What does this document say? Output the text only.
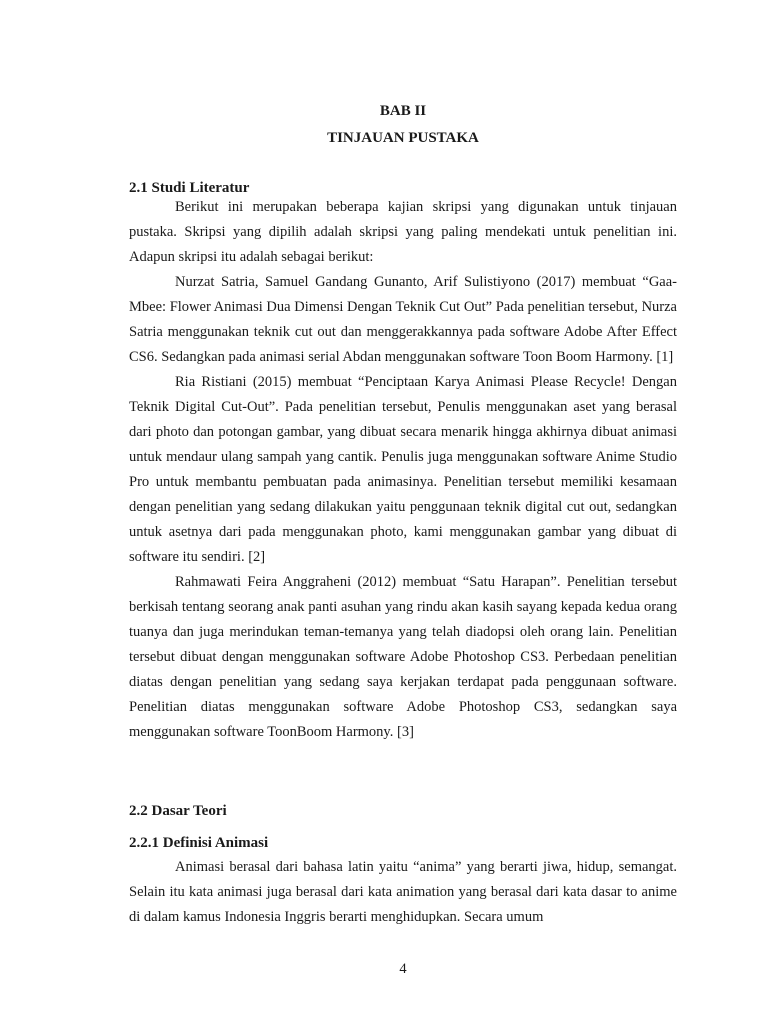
BAB II
TINJAUAN PUSTAKA
2.1 Studi Literatur

Berikut ini merupakan beberapa kajian skripsi yang digunakan untuk tinjauan pustaka. Skripsi yang dipilih adalah skripsi yang paling mendekati untuk penelitian ini. Adapun skripsi itu adalah sebagai berikut:

Nurzat Satria, Samuel Gandang Gunanto, Arif Sulistiyono (2017) membuat “Gaa-Mbee: Flower Animasi Dua Dimensi Dengan Teknik Cut Out” Pada penelitian tersebut, Nurza Satria menggunakan teknik cut out dan menggerakkannya pada software Adobe After Effect CS6. Sedangkan pada animasi serial Abdan menggunakan software Toon Boom Harmony. [1]

Ria Ristiani (2015) membuat “Penciptaan Karya Animasi Please Recycle! Dengan Teknik Digital Cut-Out”. Pada penelitian tersebut, Penulis menggunakan aset yang berasal dari photo dan potongan gambar, yang dibuat secara menarik hingga akhirnya dibuat animasi untuk mendaur ulang sampah yang cantik. Penulis juga menggunakan software Anime Studio Pro untuk membantu pembuatan pada animasinya. Penelitian tersebut memiliki kesamaan dengan penelitian yang sedang dilakukan yaitu penggunaan teknik digital cut out, sedangkan untuk asetnya dari pada menggunakan photo, kami menggunakan gambar yang dibuat di software itu sendiri. [2]

Rahmawati Feira Anggraheni (2012) membuat “Satu Harapan”. Penelitian tersebut berkisah tentang seorang anak panti asuhan yang rindu akan kasih sayang kepada kedua orang tuanya dan juga merindukan teman-temanya yang telah diadopsi oleh orang lain. Penelitian tersebut dibuat dengan menggunakan software Adobe Photoshop CS3. Perbedaan penelitian diatas dengan penelitian yang sedang saya kerjakan terdapat pada penggunaan software. Penelitian diatas menggunakan software Adobe Photoshop CS3, sedangkan saya menggunakan software ToonBoom Harmony. [3]

2.2 Dasar Teori
2.2.1 Definisi Animasi

Animasi berasal dari bahasa latin yaitu “anima” yang berarti jiwa, hidup, semangat. Selain itu kata animasi juga berasal dari kata animation yang berasal dari kata dasar to anime di dalam kamus Indonesia Inggris berarti menghidupkan. Secara umum

4
